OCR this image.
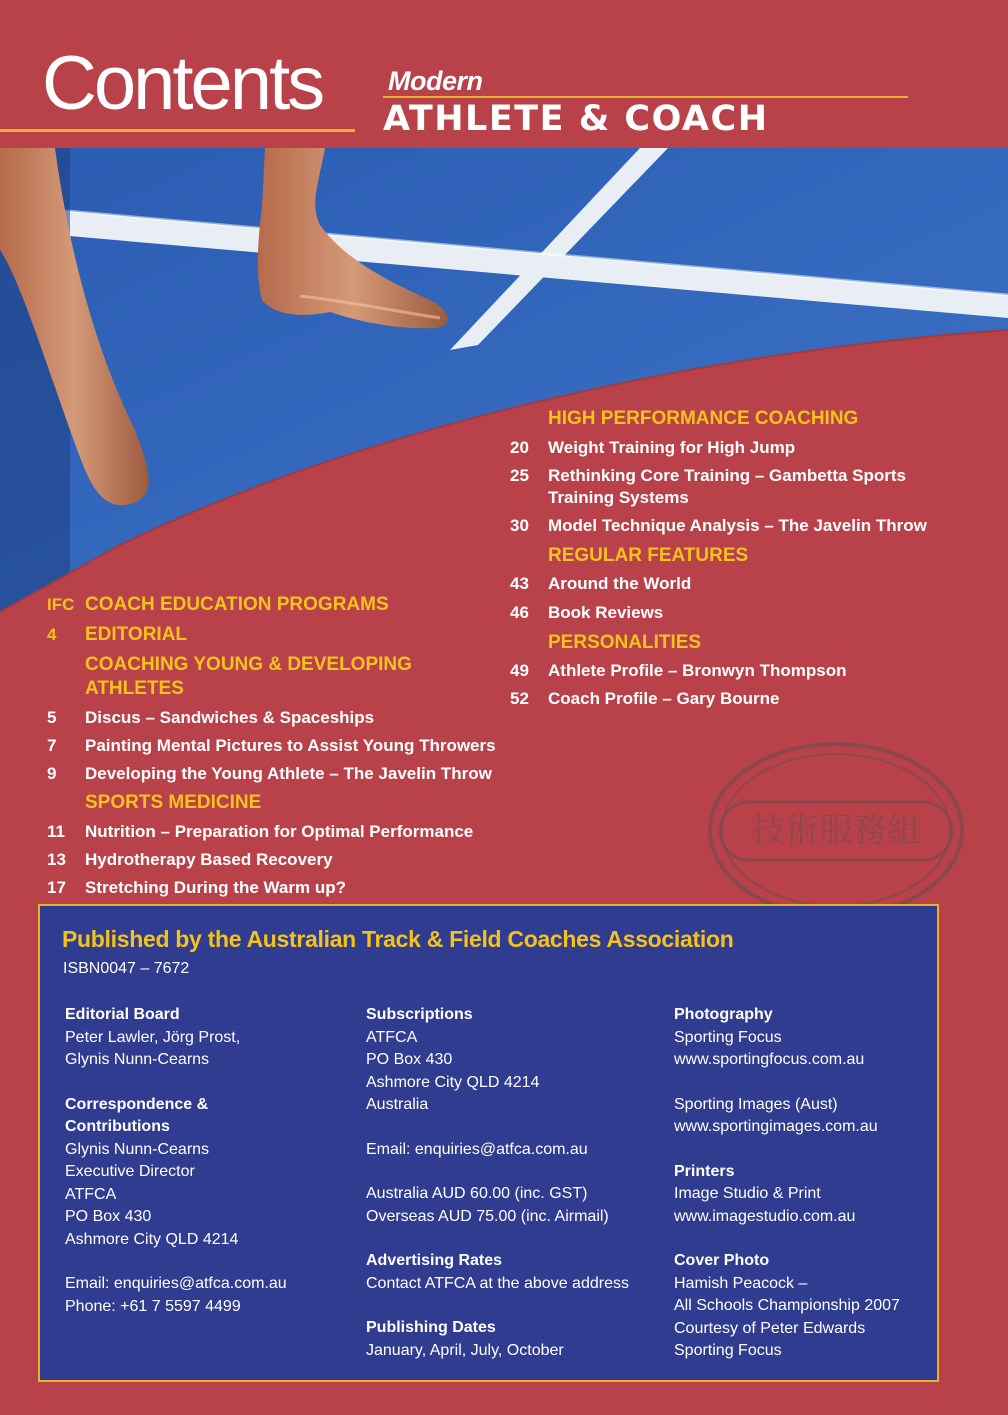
Contents Modern
ATHLETE & COACH
HIGH PERFORMANCE COACHING
20 Weight Training for High Jump
25 Rethinking Core Training – Gambetta Sports Training Systems
30 Model Technique Analysis – The Javelin Throw
REGULAR FEATURES
43 Around the World
46 Book Reviews
PERSONALITIES
49 Athlete Profile – Bronwyn Thompson
52 Coach Profile – Gary Bourne
IFC COACH EDUCATION PROGRAMS
4 EDITORIAL
COACHING YOUNG & DEVELOPING ATHLETES
5 Discus – Sandwiches & Spaceships
7 Painting Mental Pictures to Assist Young Throwers
9 Developing the Young Athlete – The Javelin Throw
SPORTS MEDICINE
11 Nutrition – Preparation for Optimal Performance
13 Hydrotherapy Based Recovery
17 Stretching During the Warm up?
技術服務組
Published by the Australian Track & Field Coaches Association
ISBN0047 – 7672
Editorial Board
Peter Lawler, Jörg Prost,
Glynis Nunn-Cearns
Correspondence &
Contributions
Glynis Nunn-Cearns
Executive Director
ATFCA
PO Box 430
Ashmore City QLD 4214
Email: enquiries@atfca.com.au
Phone: +61 7 5597 4499
Subscriptions
ATFCA
PO Box 430
Ashmore City QLD 4214
Australia
Email: enquiries@atfca.com.au
Australia AUD 60.00 (inc. GST)
Overseas AUD 75.00 (inc. Airmail)
Advertising Rates
Contact ATFCA at the above address
Publishing Dates
January, April, July, October
Photography
Sporting Focus
www.sportingfocus.com.au
Sporting Images (Aust)
www.sportingimages.com.au
Printers
Image Studio & Print
www.imagestudio.com.au
Cover Photo
Hamish Peacock –
All Schools Championship 2007
Courtesy of Peter Edwards
Sporting Focus
